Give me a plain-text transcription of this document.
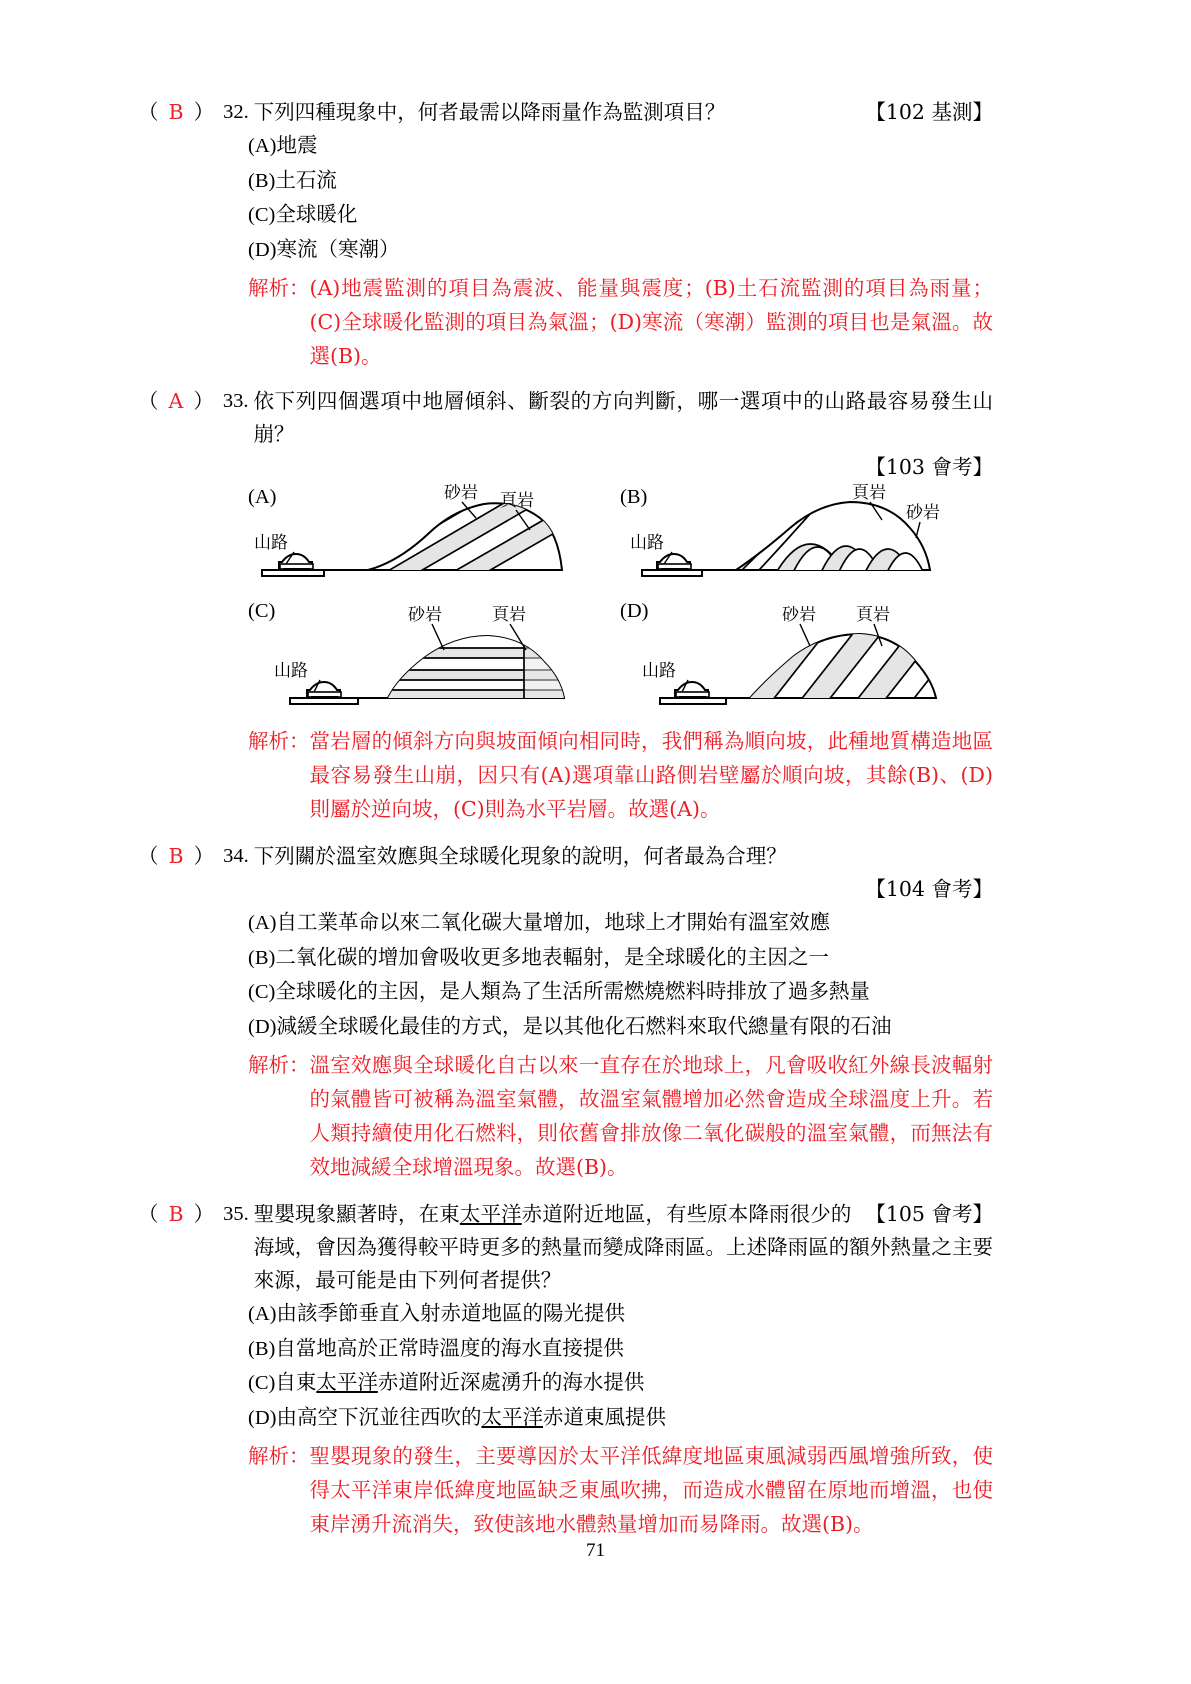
（ B ） 32.	【102 基測】
下列四種現象中，何者最需以降雨量作為監測項目？
(A)地震
(B)土石流
(C)全球暖化
(D)寒流（寒潮）
解析： (A)地震監測的項目為震波、能量與震度；(B)土石流監測的項目為雨量；(C)全球暖化監測的項目為氣溫；(D)寒流（寒潮）監測的項目也是氣溫。故選(B)。
（ A ） 33. 依下列四個選項中地層傾斜、斷裂的方向判斷，哪一選項中的山路最容易發生山崩？
【103 會考】
(A)
山路
砂岩 頁岩	(B)
山路
頁岩
砂岩
(C)
山路
砂岩	頁岩	(D)
山路
砂岩 頁岩
解析： 當岩層的傾斜方向與坡面傾向相同時，我們稱為順向坡，此種地質構造地區最容易發生山崩，因只有(A)選項靠山路側岩壁屬於順向坡，其餘(B)、(D)則屬於逆向坡，(C)則為水平岩層。故選(A)。
（ B ） 34. 下列關於溫室效應與全球暖化現象的說明，何者最為合理？
【104 會考】
(A)自工業革命以來二氧化碳大量增加，地球上才開始有溫室效應
(B)二氧化碳的增加會吸收更多地表輻射，是全球暖化的主因之一
(C)全球暖化的主因，是人類為了生活所需燃燒燃料時排放了過多熱量
(D)減緩全球暖化最佳的方式，是以其他化石燃料來取代總量有限的石油
解析： 溫室效應與全球暖化自古以來一直存在於地球上，凡會吸收紅外線長波輻射的氣體皆可被稱為溫室氣體，故溫室氣體增加必然會造成全球溫度上升。若人類持續使用化石燃料，則依舊會排放像二氧化碳般的溫室氣體，而無法有效地減緩全球增溫現象。故選(B)。
（ B ） 35.	【105 會考】
聖嬰現象顯著時，在東太平洋赤道附近地區，有些原本降雨很少的海域，會因為獲得較平時更多的熱量而變成降雨區。上述降雨區的額外熱量之主要來源，最可能是由下列何者提供？
(A)由該季節垂直入射赤道地區的陽光提供
(B)自當地高於正常時溫度的海水直接提供
(C)自東太平洋赤道附近深處湧升的海水提供
(D)由高空下沉並往西吹的太平洋赤道東風提供
解析： 聖嬰現象的發生，主要導因於太平洋低緯度地區東風減弱西風增強所致，使得太平洋東岸低緯度地區缺乏東風吹拂，而造成水體留在原地而增溫，也使東岸湧升流消失，致使該地水體熱量增加而易降雨。故選(B)。
71
